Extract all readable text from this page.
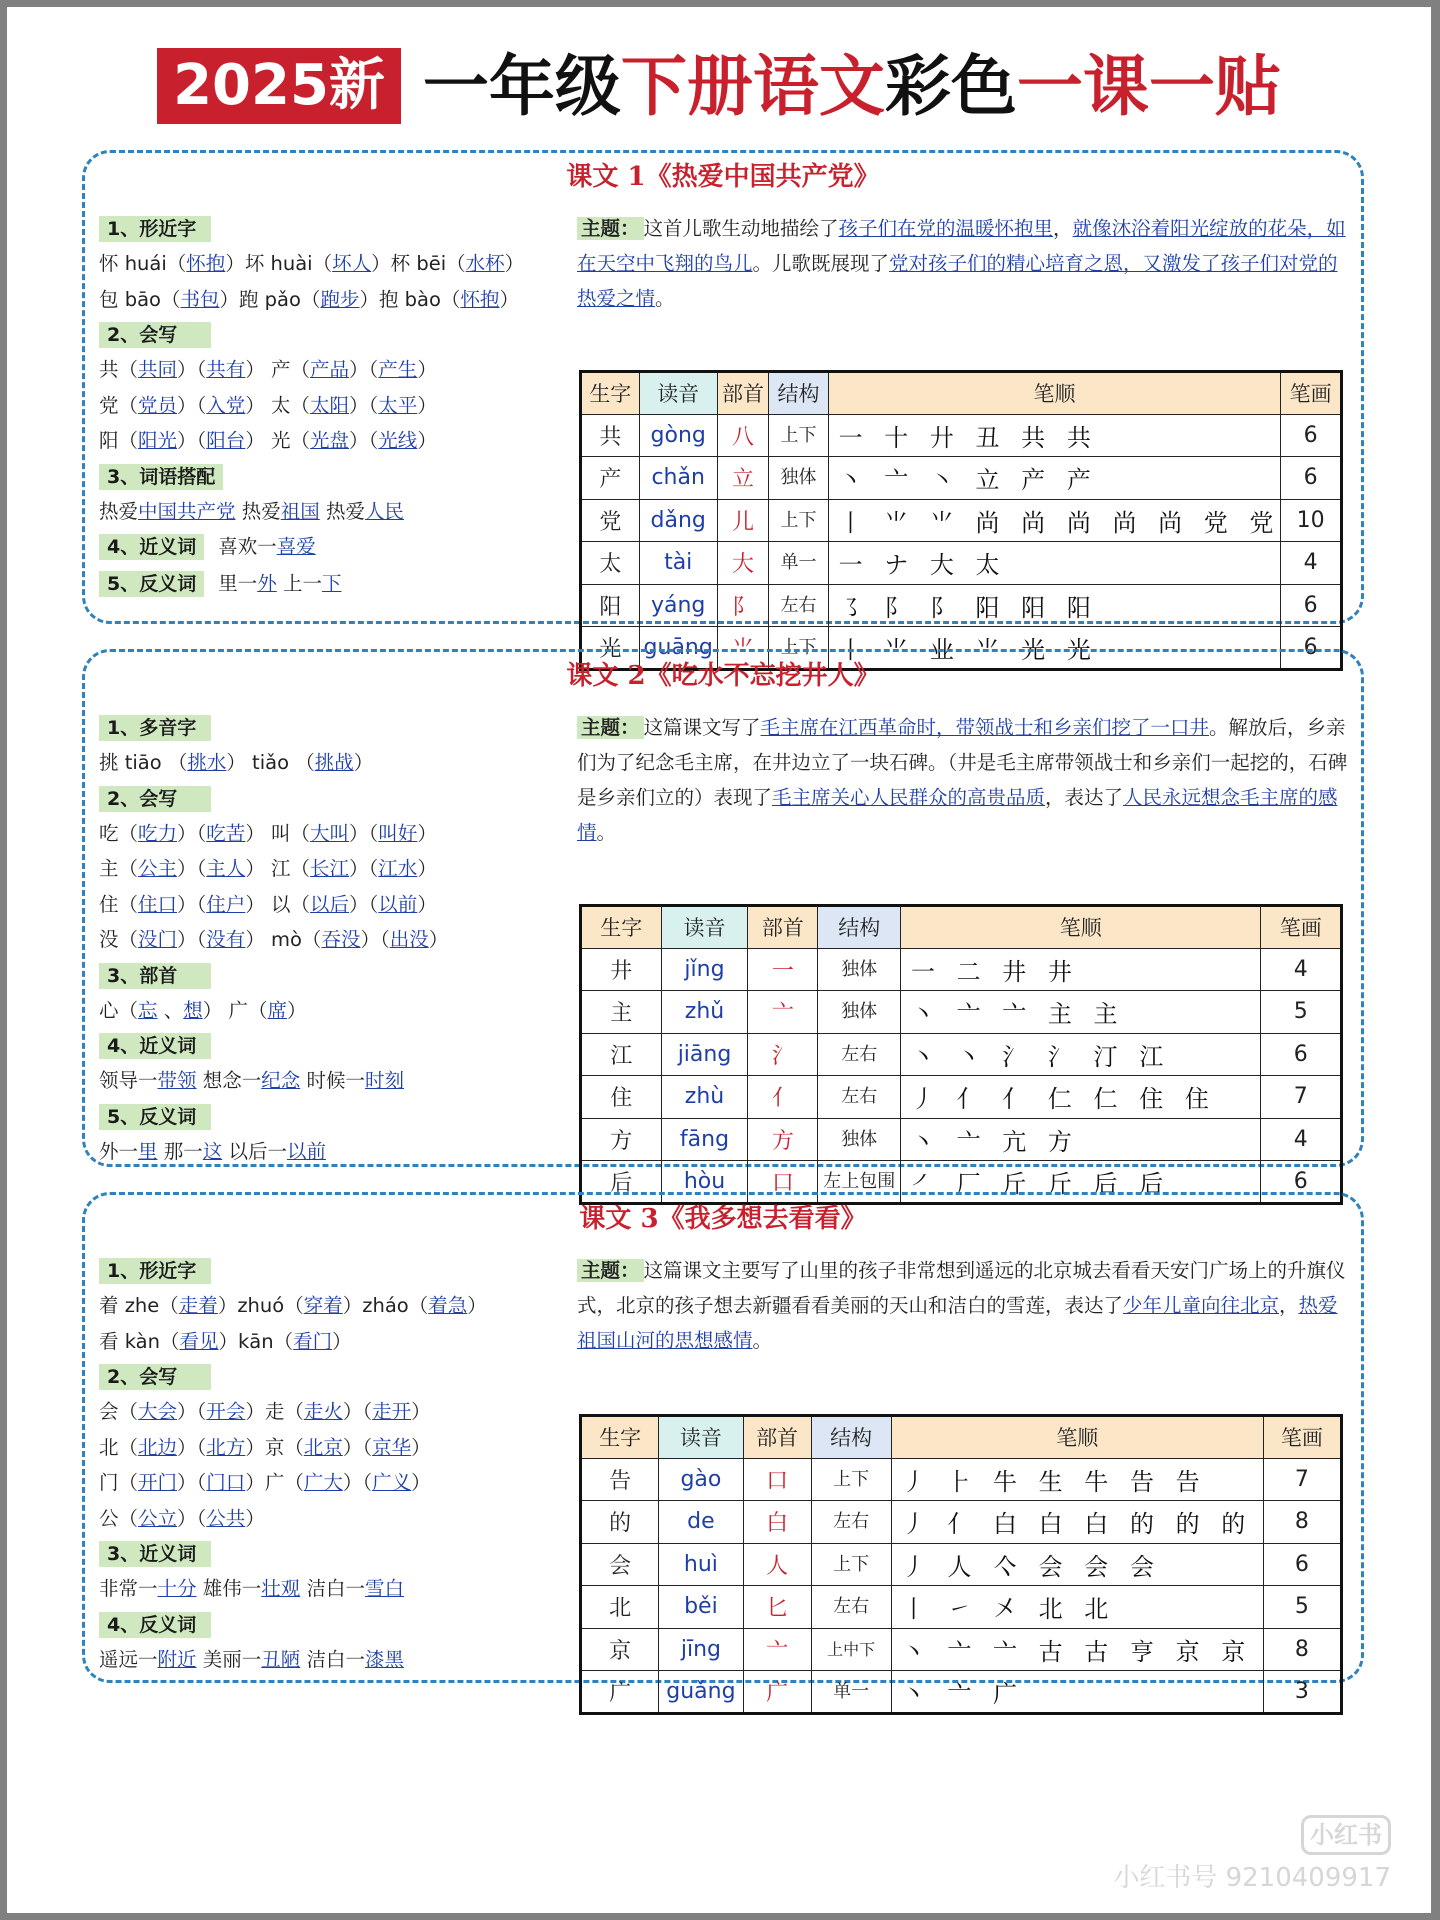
2025新 一年级下册语文彩色一课一贴
课文 1《热爱中国共产党》
1、形近字
怀 huái（怀抱）坏 huài（坏人）杯 bēi（水杯）
包 bāo（书包）跑 pǎo（跑步）抱 bào（怀抱）
2、会写
共（共同）（共有） 产（产品）（产生）
党（党员）（入党） 太（太阳）（太平）
阳（阳光）（阳台） 光（光盘）（光线）
3、词语搭配
热爱中国共产党 热爱祖国 热爱人民
4、近义词 喜欢一喜爱
5、反义词 里一外 上一下
主题： 这首儿歌生动地描绘了孩子们在党的温暖怀抱里，就像沐浴着阳光绽放的花朵，如在天空中飞翔的鸟儿。儿歌既展现了党对孩子们的精心培育之恩，又激发了孩子们对党的热爱之情。
生字	读音	部首	结构	笔顺	笔画
共	gòng	八	上下	一 十 廾 丑 共 共	6
产	chǎn	立	独体	丶 亠 ㇔ 立 产 产	6
党	dǎng	儿	上下	丨 ⺌ ⺌ 尚 尚 尚 尚 尚 党 党	10
太	tài	大	单一	一 ナ 大 太	4
阳	yáng	阝	左右	㇌ 阝 阝 阳 阳 阳	6
光	guāng	⺌	上下	丨 ⺌ 业 ⺌ 光 光	6
课文 2《吃水不忘挖井人》
1、多音字
挑 tiāo （挑水） tiǎo （挑战）
2、会写
吃（吃力）（吃苦） 叫（大叫）（叫好）
主（公主）（主人） 江（长江）（江水）
住（住口）（住户） 以（以后）（以前）
没（没门）（没有） mò（吞没）（出没）
3、部首
心（忘 、想） 广（席）
4、近义词
领导一带领 想念一纪念 时候一时刻
5、反义词
外一里 那一这 以后一以前
主题： 这篇课文写了毛主席在江西革命时，带领战士和乡亲们挖了一口井。解放后，乡亲们为了纪念毛主席，在井边立了一块石碑。（井是毛主席带领战士和乡亲们一起挖的，石碑是乡亲们立的）表现了毛主席关心人民群众的高贵品质，表达了人民永远想念毛主席的感情。
生字	读音	部首	结构	笔顺	笔画
井	jǐng	一	独体	一 二 井 井	4
主	zhǔ	亠	独体	丶 亠 亠 主 主	5
江	jiāng	氵	左右	丶 丶 氵 氵 汀 江	6
住	zhù	亻	左右	丿 亻 亻 仁 仁 住 住	7
方	fāng	方	独体	丶 亠 亢 方	4
后	hòu	口	左上包围	㇒ 厂 斤 斤 后 后	6
课文 3《我多想去看看》
1、形近字
着 zhe（走着）zhuó（穿着）zháo（着急）
看 kàn（看见）kān（看门）
2、会写
会（大会）（开会）走（走火）（走开）
北（北边）（北方）京（北京）（京华）
门（开门）（门口）广（广大）（广义）
公（公立）（公共）
3、近义词
非常一十分 雄伟一壮观 洁白一雪白
4、反义词
遥远一附近 美丽一丑陋 洁白一漆黑
主题： 这篇课文主要写了山里的孩子非常想到遥远的北京城去看看天安门广场上的升旗仪式，北京的孩子想去新疆看看美丽的天山和洁白的雪莲，表达了少年儿童向往北京，热爱祖国山河的思想感情。
生字	读音	部首	结构	笔顺	笔画
告	gào	口	上下	丿 ⺊ 牛 生 牛 告 告	7
的	de	白	左右	丿 亻 白 白 白 的 的 的	8
会	huì	人	上下	丿 人 亽 会 会 会	6
北	běi	匕	左右	丨 ㇀ 㐅 北 北	5
京	jīng	亠	上中下	丶 亠 亠 古 古 亨 京 京	8
广	guǎng	广	单一	丶 亠 广	3
小红书
小红书号 9210409917
